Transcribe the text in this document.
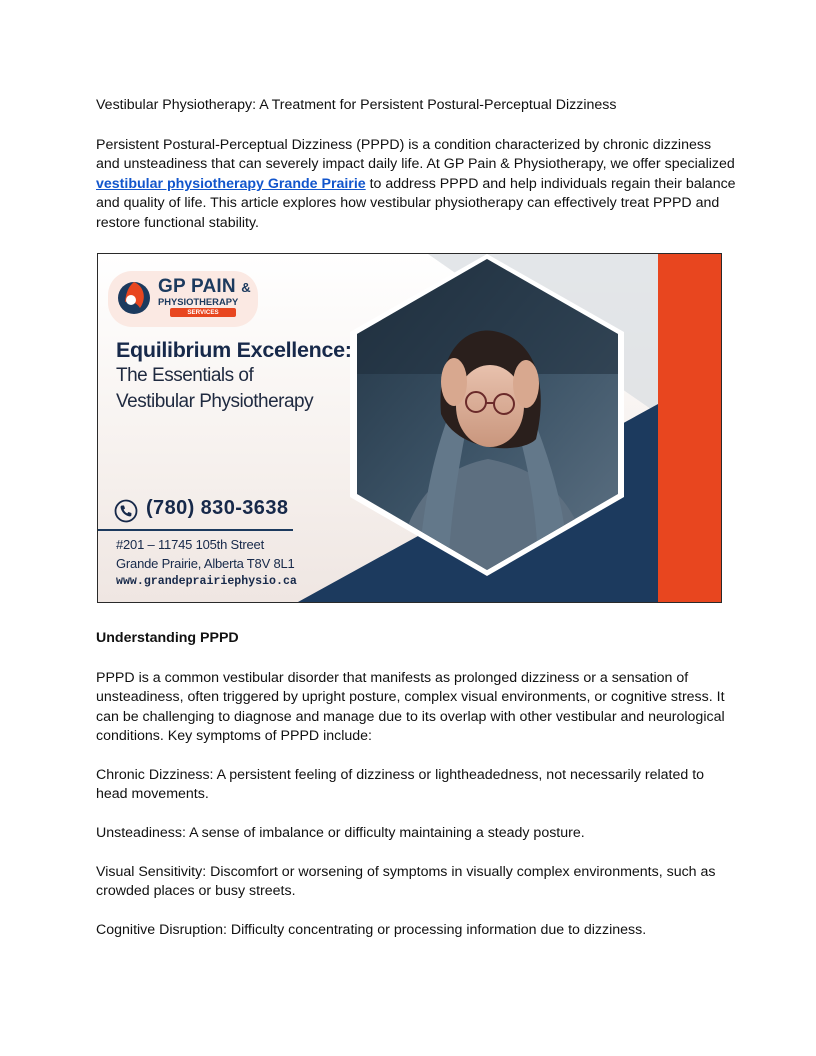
Vestibular Physiotherapy: A Treatment for Persistent Postural-Perceptual Dizziness

Persistent Postural-Perceptual Dizziness (PPPD) is a condition characterized by chronic dizziness and unsteadiness that can severely impact daily life. At GP Pain & Physiotherapy, we offer specialized vestibular physiotherapy Grande Prairie to address PPPD and help individuals regain their balance and quality of life. This article explores how vestibular physiotherapy can effectively treat PPPD and restore functional stability.

GP PAIN &
PHYSIOTHERAPY
SERVICES
Equilibrium Excellence:
The Essentials of
Vestibular Physiotherapy
(780) 830-3638
#201 – 11745 105th Street
Grande Prairie, Alberta T8V 8L1
www.grandeprairiephysio.ca
Understanding PPPD

PPPD is a common vestibular disorder that manifests as prolonged dizziness or a sensation of unsteadiness, often triggered by upright posture, complex visual environments, or cognitive stress. It can be challenging to diagnose and manage due to its overlap with other vestibular and neurological conditions. Key symptoms of PPPD include:

Chronic Dizziness: A persistent feeling of dizziness or lightheadedness, not necessarily related to head movements.

Unsteadiness: A sense of imbalance or difficulty maintaining a steady posture.

Visual Sensitivity: Discomfort or worsening of symptoms in visually complex environments, such as crowded places or busy streets.

Cognitive Disruption: Difficulty concentrating or processing information due to dizziness.
